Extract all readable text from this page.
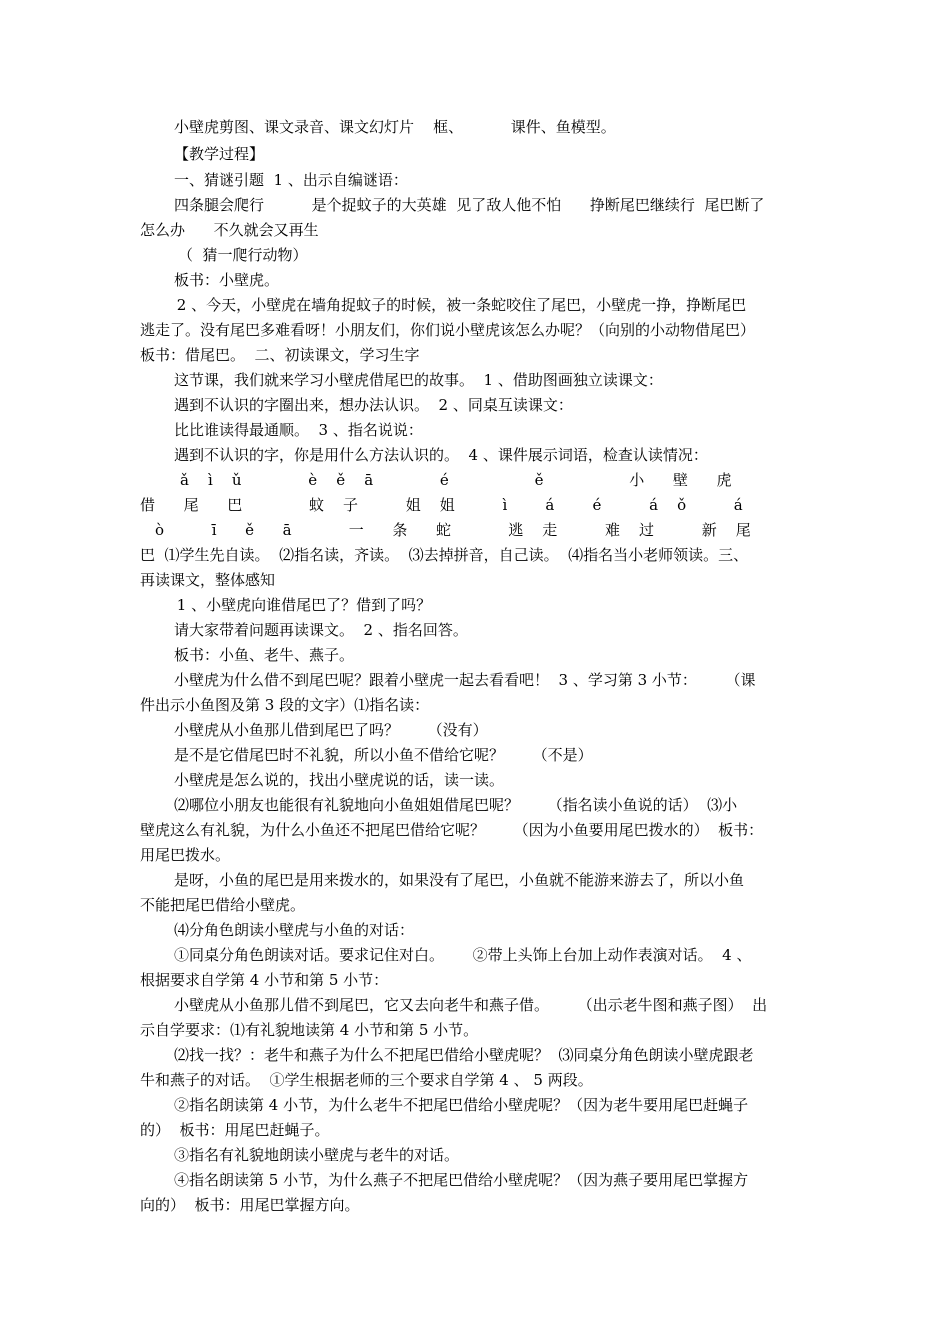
小壁虎剪图、课文录音、课文幻灯片    框、          课件、鱼模型。
【教学过程】
一、猜谜引题  1 、出示自编谜语：
四条腿会爬行          是个捉蚊子的大英雄  见了敌人他不怕      挣断尾巴继续行  尾巴断了
怎么办      不久就会又再生
（  猜一爬行动物）
板书：小壁虎。
2 、今天，小壁虎在墙角捉蚊子的时候，被一条蛇咬住了尾巴，小壁虎一挣，挣断尾巴
逃走了。没有尾巴多难看呀！小朋友们，你们说小壁虎该怎么办呢？（向别的小动物借尾巴）
板书：借尾巴。  二、初读课文，学习生字
这节课，我们就来学习小壁虎借尾巴的故事。  1 、借助图画独立读课文：
遇到不认识的字圈出来，想办法认识。  2 、同桌互读课文：
比比谁读得最通顺。  3 、指名说说：
遇到不认识的字，你是用什么方法认识的。  4 、课件展示词语，检查认读情况：
ǎ    ì    ǔ              è    ě    ā              é                  ě                  小      壁      虎
借      尾      巴              蚊    子          姐    姐          ì        á        é          á    ǒ          á
ò          ī      ě      ā            一      条      蛇            逃    走          难    过          新    尾
巴  ⑴学生先自读。  ⑵指名读，齐读。  ⑶去掉拼音，自己读。  ⑷指名当小老师领读。三、
再读课文，整体感知
1 、小壁虎向谁借尾巴了？借到了吗？
请大家带着问题再读课文。  2 、指名回答。
板书：小鱼、老牛、燕子。
小壁虎为什么借不到尾巴呢？跟着小壁虎一起去看看吧！  3 、学习第 3 小节：      （课
件出示小鱼图及第 3 段的文字）⑴指名读：
小壁虎从小鱼那儿借到尾巴了吗？      （没有）
是不是它借尾巴时不礼貌，所以小鱼不借给它呢？      （不是）
小壁虎是怎么说的，找出小壁虎说的话，读一读。
⑵哪位小朋友也能很有礼貌地向小鱼姐姐借尾巴呢？      （指名读小鱼说的话）  ⑶小
壁虎这么有礼貌，为什么小鱼还不把尾巴借给它呢？      （因为小鱼要用尾巴拨水的）  板书：
用尾巴拨水。
是呀，小鱼的尾巴是用来拨水的，如果没有了尾巴，小鱼就不能游来游去了，所以小鱼
不能把尾巴借给小壁虎。
⑷分角色朗读小壁虎与小鱼的对话：
①同桌分角色朗读对话。要求记住对白。      ②带上头饰上台加上动作表演对话。  4 、
根据要求自学第 4 小节和第 5 小节：
小壁虎从小鱼那儿借不到尾巴，它又去向老牛和燕子借。      （出示老牛图和燕子图）  出
示自学要求：⑴有礼貌地读第 4 小节和第 5 小节。
⑵找一找？：老牛和燕子为什么不把尾巴借给小壁虎呢？  ⑶同桌分角色朗读小壁虎跟老
牛和燕子的对话。  ①学生根据老师的三个要求自学第 4 、 5 两段。
②指名朗读第 4 小节，为什么老牛不把尾巴借给小壁虎呢？（因为老牛要用尾巴赶蝇子
的）  板书：用尾巴赶蝇子。
③指名有礼貌地朗读小壁虎与老牛的对话。
④指名朗读第 5 小节，为什么燕子不把尾巴借给小壁虎呢？（因为燕子要用尾巴掌握方
向的）  板书：用尾巴掌握方向。
